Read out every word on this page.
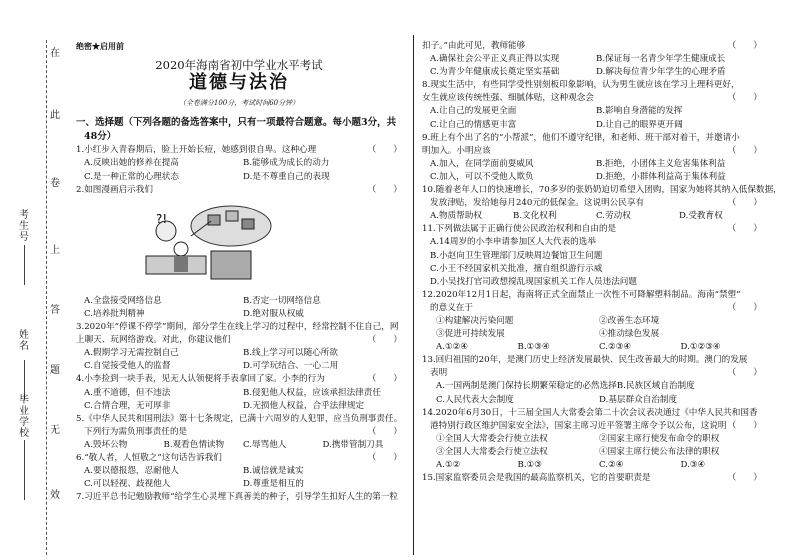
在
此
卷
上
答
题
无
效
考
生
号
姓
名
毕
业
学
校
绝密★启用前
2020年海南省初中学业水平考试
道德与法治
（全卷满分100分，考试时间60分钟）
一、选择题（下列各题的备选答案中，只有一项最符合题意。每小题3分，共
48分）
1.小红步入青春期后，脸上开始长痘，她感到很自卑。这种心理	（　　）
A.反映出她的修养在提高	B.能够成为成长的动力
C.是一种正常的心理状态	D.是不尊重自己的表现
2.如图漫画启示我们	（　　）
?!
A.全盘接受网络信息	B.否定一切网络信息
C.培养批判精神	D.绝对服从权威
3.2020年“停课不停学”期间，部分学生在线上学习的过程中，经常控制不住自己，网
上聊天、玩网络游戏。对此，你建议他们	（　　）
A.假期学习无需控制自己	B.线上学习可以随心所欲
C.自觉接受他人的监督	D.可学玩结合、一心二用
4.小李捡到一块手表，见无人认领便将手表拿回了家。小李的行为	（　　）
A.重不道德，但不违法	B.侵犯他人权益，应该承担法律责任
C.合情合理，无可厚非	D.无损他人权益，合乎法律规定
5.《中华人民共和国刑法》第十七条规定，已满十六周岁的人犯罪，应当负刑事责任。
下列行为需负刑事责任的是	（　　）
A.毁坏公物	B.观看色情读物	C.辱骂他人	D.携带管制刀具
6.“敬人者，人恒敬之”这句话告诉我们	（　　）
A.要以德报怨，忍耐他人	B.诚信就是诚实
C.可以轻视、歧视他人	D.尊重是相互的
7.习近平总书记勉励教师“给学生心灵埋下真善美的种子，引导学生扣好人生的第一粒
扣子。”由此可见，教师能够	（　　）
A.确保社会公平正义真正得以实现	B.保证每一名青少年学生健康成长
C.为青少年健康成长奠定坚实基础	D.解决每位青少年学生的心理矛盾
8.现实生活中，有些同学受性别刻板印象影响，认为男生就应该在学习上理科更好，
（　　）
女生就应该传统性强、细腻体贴，这种观念会
A.让自己的发展更全面	B.影响自身潜能的发挥
C.让自己的情感更丰富	D.让自己的眼界更开阔
9.班上有个出了名的“小帮派”，他们不遵守纪律，和老师、班干部对着干，并邀请小
明加入。小明应该	（　　）
A.加入，在同学面前耍威风	B.拒绝，小团体主义危害集体利益
C.加入，可以不受他人欺负	D.拒绝，小群体利益高于集体利益
10.随着老年人口的快速增长，70多岁的张奶奶迫切希望入团购，国家为她将其纳入低保数据，
（　　）
发放津贴，发给她每月240元的低保金。这说明公民享有
A.物质帮助权	B.文化权利	C.劳动权	D.受教育权
11.下列做法属于正确行使公民政治权利和自由的是	（　　）
A.14周岁的小李申请参加区人大代表的选举
B.小赵向卫生管理部门反映周边餐馆卫生问题
C.小王不经国家机关批准，擅自组织游行示威
D.小吴找打官司政想搅乱现国家机关工作人员违法问题
12.2020年12月1日起，海南将正式全面禁止一次性不可降解塑料制品。海南“禁塑”
的意义在于	（　　）
①构建解决污染问题	②改善生态环境
③促进可持续发展	④推动绿色发展
A.①②④	B.①③④	C.②③④	D.①②③④
13.回归祖国的20年，是澳门历史上经济发展最快、民生改善最大的时期。澳门的发展
（　　）
表明
A.一国两制是澳门保持长期繁荣稳定的必然选择 B.民族区域自治制度
C.人民代表大会制度	D.基层群众自治制度
14.2020年6月30日，十三届全国人大常委会第二十次会议表决通过《中华人民共和国香
港特别行政区维护国家安全法》，国家主席习近平签署主席令予以公布，这说明 （　　）
①全国人大常委会行使立法权	②国家主席行使发布命令的职权
③全国人大常委会行使立法权	④国家主席行使公布法律的职权
A.①②	B.①③	C.②④	D.③④
15.国家监察委员会是我国的最高监察机关，它的首要职责是	（　　）
